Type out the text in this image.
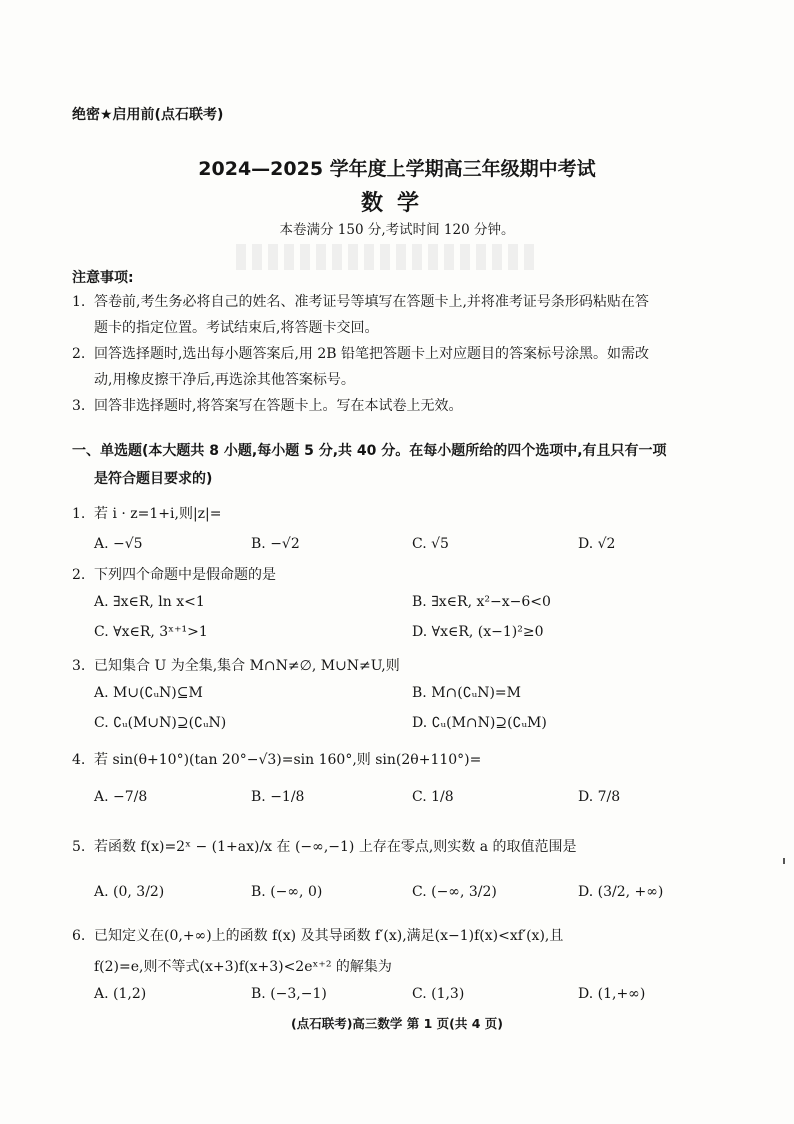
绝密★启用前(点石联考)
2024—2025 学年度上学期高三年级期中考试
数学
本卷满分 150 分,考试时间 120 分钟。
注意事项:
1. 答卷前,考生务必将自己的姓名、准考证号等填写在答题卡上,并将准考证号条形码粘贴在答
题卡的指定位置。考试结束后,将答题卡交回。
2. 回答选择题时,选出每小题答案后,用 2B 铅笔把答题卡上对应题目的答案标号涂黑。如需改
动,用橡皮擦干净后,再选涂其他答案标号。
3. 回答非选择题时,将答案写在答题卡上。写在本试卷上无效。
一、单选题(本大题共 8 小题,每小题 5 分,共 40 分。在每小题所给的四个选项中,有且只有一项
是符合题目要求的)
1. 若 i · z=1+i,则|z|=
A. −√5	B. −√2	C. √5	D. √2
2. 下列四个命题中是假命题的是
A. ∃x∈R, ln x<1	B. ∃x∈R, x²−x−6<0
C. ∀x∈R, 3ˣ⁺¹>1	D. ∀x∈R, (x−1)²≥0
3. 已知集合 U 为全集,集合 M∩N≠∅, M∪N≠U,则
A. M∪(∁ᵤN)⊆M	B. M∩(∁ᵤN)=M
C. ∁ᵤ(M∪N)⊇(∁ᵤN)	D. ∁ᵤ(M∩N)⊇(∁ᵤM)
4. 若 sin(θ+10°)(tan 20°−√3)=sin 160°,则 sin(2θ+110°)=
A. −7/8	B. −1/8	C. 1/8	D. 7/8
5. 若函数 f(x)=2ˣ − (1+ax)/x 在 (−∞,−1) 上存在零点,则实数 a 的取值范围是
A. (0, 3/2)	B. (−∞, 0)	C. (−∞, 3/2)	D. (3/2, +∞)
6. 已知定义在(0,+∞)上的函数 f(x) 及其导函数 f′(x),满足(x−1)f(x)<xf′(x),且
f(2)=e,则不等式(x+3)f(x+3)<2eˣ⁺² 的解集为
A. (1,2)	B. (−3,−1)	C. (1,3)	D. (1,+∞)
(点石联考)高三数学 第 1 页(共 4 页)
